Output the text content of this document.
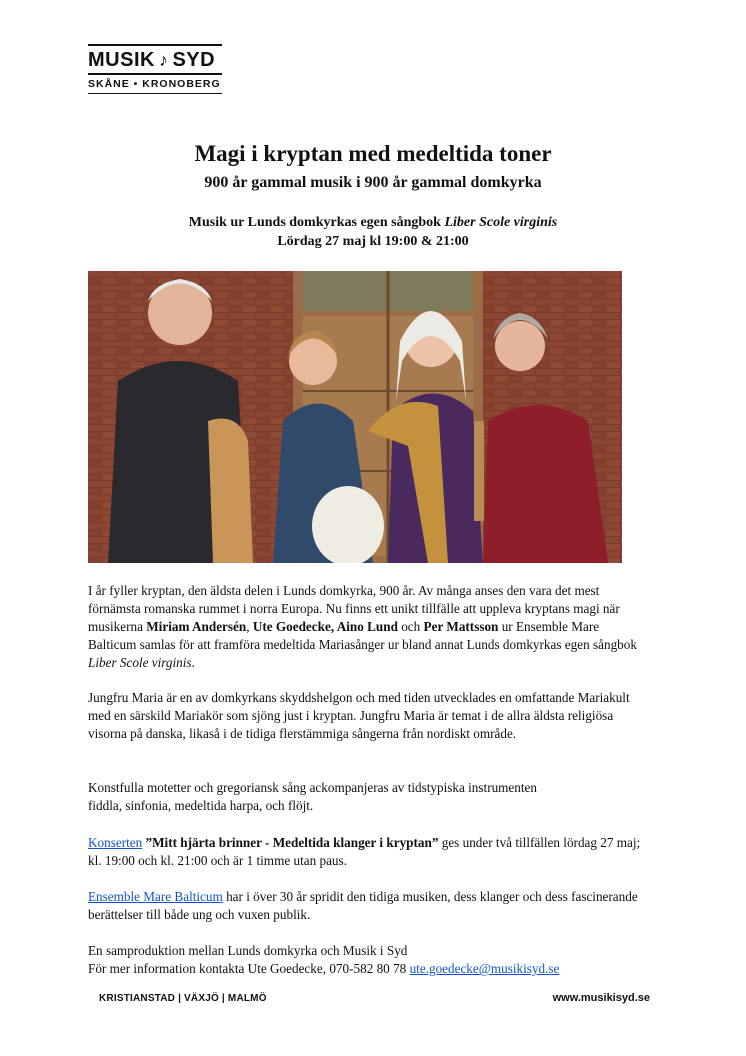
MUSIK ♪ SYD
SKÅNE • KRONOBERG
Magi i kryptan med medeltida toner
900 år gammal musik i 900 år gammal domkyrka
Musik ur Lunds domkyrkas egen sångbok Liber Scole virginis
Lördag 27 maj kl 19:00 & 21:00
I år fyller kryptan, den äldsta delen i Lunds domkyrka, 900 år. Av många anses den vara det mest förnämsta romanska rummet i norra Europa. Nu finns ett unikt tillfälle att uppleva kryptans magi när musikerna Miriam Andersén, Ute Goedecke, Aino Lund och Per Mattsson ur Ensemble Mare Balticum samlas för att framföra medeltida Mariasånger ur bland annat Lunds domkyrkas egen sångbok Liber Scole virginis.
Jungfru Maria är en av domkyrkans skyddshelgon och med tiden utvecklades en omfattande Mariakult med en särskild Mariakör som sjöng just i kryptan. Jungfru Maria är temat i de allra äldsta religiösa visorna på danska, likaså i de tidiga flerstämmiga sångerna från nordiskt område.
Konstfulla motetter och gregoriansk sång ackompanjeras av tidstypiska instrumenten
fiddla, sinfonia, medeltida harpa, och flöjt.
Konserten ”Mitt hjärta brinner - Medeltida klanger i kryptan” ges under två tillfällen lördag 27 maj; kl. 19:00 och kl. 21:00 och är 1 timme utan paus.
Ensemble Mare Balticum har i över 30 år spridit den tidiga musiken, dess klanger och dess fascinerande berättelser till både ung och vuxen publik.
En samproduktion mellan Lunds domkyrka och Musik i Syd
För mer information kontakta Ute Goedecke, 070-582 80 78 ute.goedecke@musikisyd.se
KRISTIANSTAD | VÄXJÖ | MALMÖ	www.musikisyd.se
